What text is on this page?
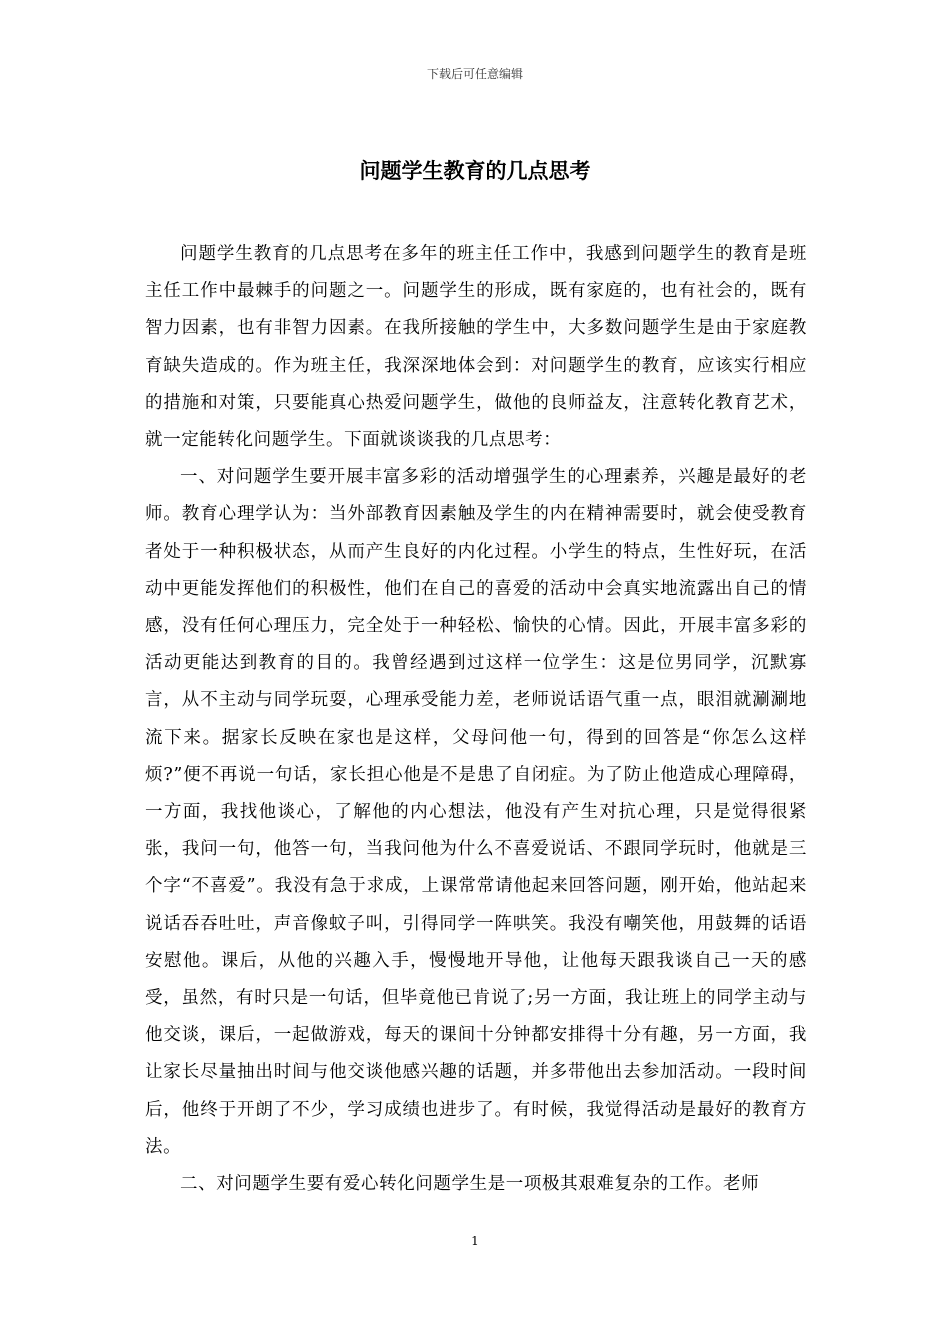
下载后可任意编辑
问题学生教育的几点思考

问题学生教育的几点思考在多年的班主任工作中，我感到问题学生的教育是班主任工作中最棘手的问题之一。问题学生的形成，既有家庭的，也有社会的，既有智力因素，也有非智力因素。在我所接触的学生中，大多数问题学生是由于家庭教育缺失造成的。作为班主任，我深深地体会到：对问题学生的教育，应该实行相应的措施和对策，只要能真心热爱问题学生，做他的良师益友，注意转化教育艺术，就一定能转化问题学生。下面就谈谈我的几点思考：

一、对问题学生要开展丰富多彩的活动增强学生的心理素养，兴趣是最好的老师。教育心理学认为：当外部教育因素触及学生的内在精神需要时，就会使受教育者处于一种积极状态，从而产生良好的内化过程。小学生的特点，生性好玩，在活动中更能发挥他们的积极性，他们在自己的喜爱的活动中会真实地流露出自己的情感，没有任何心理压力，完全处于一种轻松、愉快的心情。因此，开展丰富多彩的活动更能达到教育的目的。我曾经遇到过这样一位学生：这是位男同学，沉默寡言，从不主动与同学玩耍，心理承受能力差，老师说话语气重一点，眼泪就涮涮地流下来。据家长反映在家也是这样，父母问他一句，得到的回答是“你怎么这样烦?”便不再说一句话，家长担心他是不是患了自闭症。为了防止他造成心理障碍，一方面，我找他谈心，了解他的内心想法，他没有产生对抗心理，只是觉得很紧张，我问一句，他答一句，当我问他为什么不喜爱说话、不跟同学玩时，他就是三个字“不喜爱”。我没有急于求成，上课常常请他起来回答问题，刚开始，他站起来说话吞吞吐吐，声音像蚊子叫，引得同学一阵哄笑。我没有嘲笑他，用鼓舞的话语安慰他。课后，从他的兴趣入手，慢慢地开导他，让他每天跟我谈自己一天的感受，虽然，有时只是一句话，但毕竟他已肯说了;另一方面，我让班上的同学主动与他交谈，课后，一起做游戏，每天的课间十分钟都安排得十分有趣，另一方面，我让家长尽量抽出时间与他交谈他感兴趣的话题，并多带他出去参加活动。一段时间后，他终于开朗了不少，学习成绩也进步了。有时候，我觉得活动是最好的教育方法。

二、对问题学生要有爱心转化问题学生是一项极其艰难复杂的工作。老师

1
